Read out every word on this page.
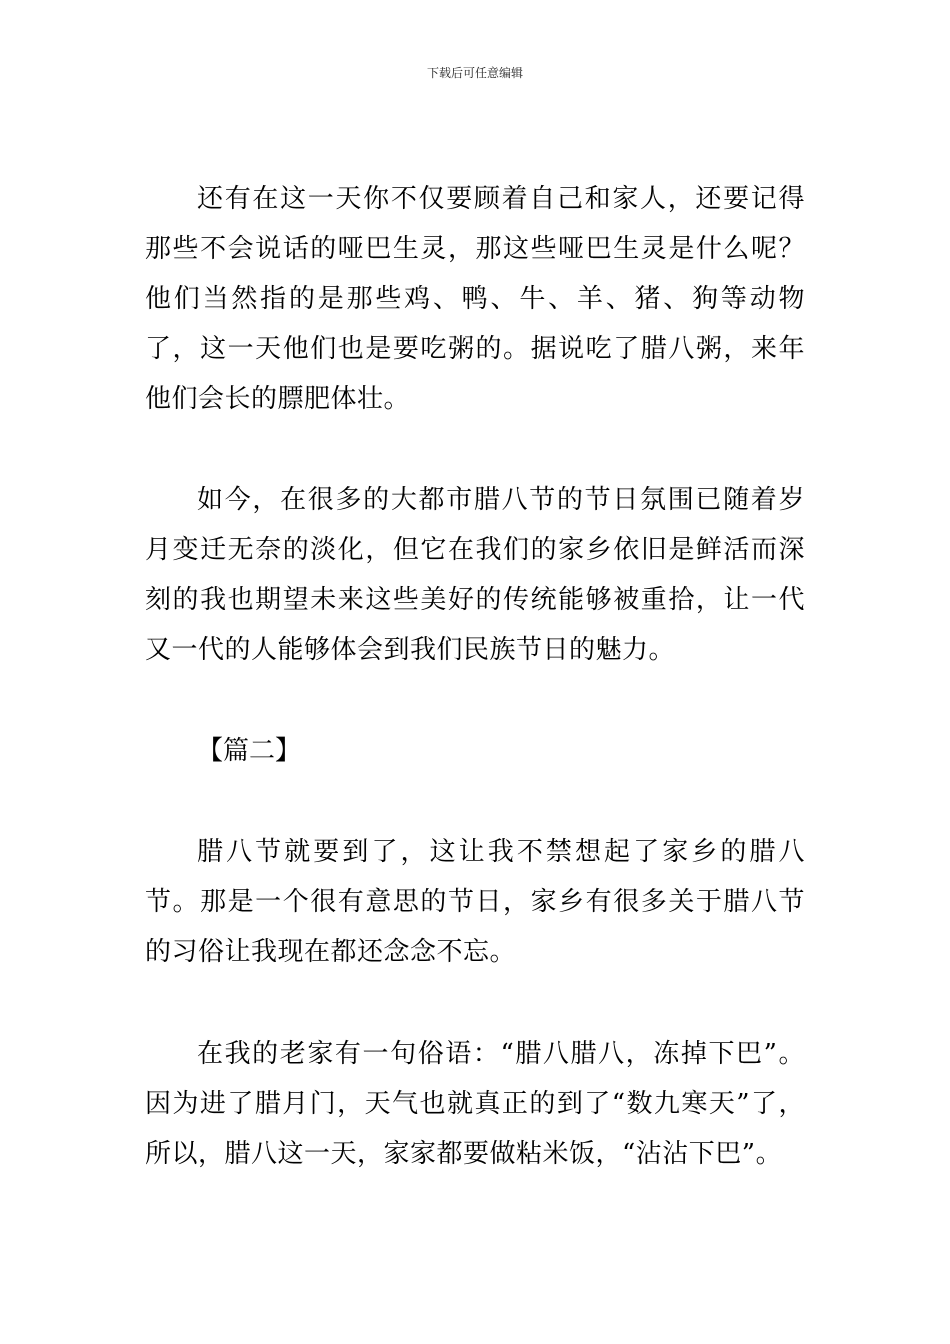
下载后可任意编辑

还有在这一天你不仅要顾着自己和家人，还要记得那些不会说话的哑巴生灵，那这些哑巴生灵是什么呢？他们当然指的是那些鸡、鸭、牛、羊、猪、狗等动物了，这一天他们也是要吃粥的。据说吃了腊八粥，来年他们会长的膘肥体壮。

如今，在很多的大都市腊八节的节日氛围已随着岁月变迁无奈的淡化，但它在我们的家乡依旧是鲜活而深刻的我也期望未来这些美好的传统能够被重拾，让一代又一代的人能够体会到我们民族节日的魅力。

【篇二】

腊八节就要到了，这让我不禁想起了家乡的腊八节。那是一个很有意思的节日，家乡有很多关于腊八节的习俗让我现在都还念念不忘。

在我的老家有一句俗语：“腊八腊八，冻掉下巴”。因为进了腊月门，天气也就真正的到了“数九寒天”了，所以，腊八这一天，家家都要做粘米饭，“沾沾下巴”。
